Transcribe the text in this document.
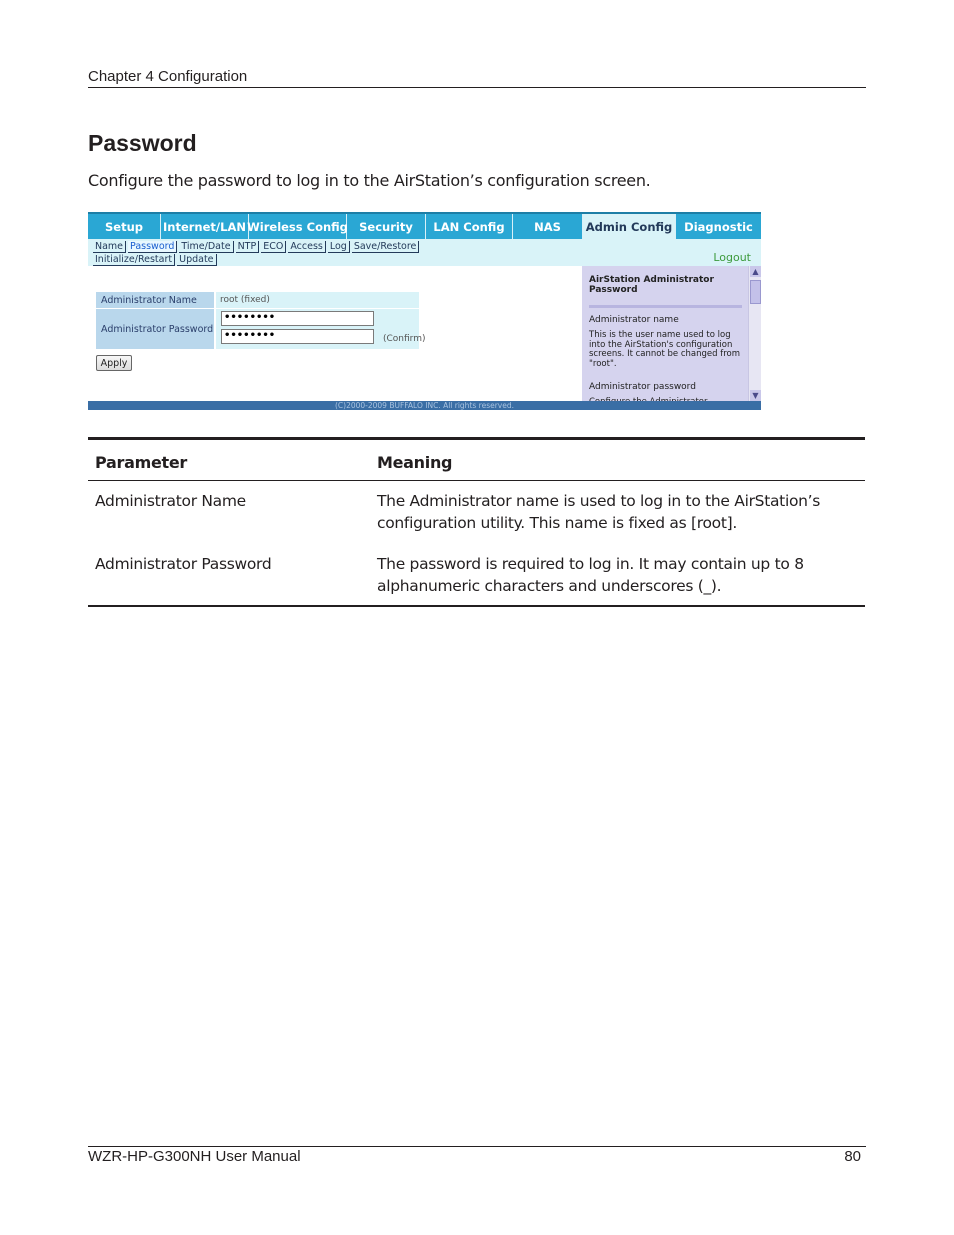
Chapter 4 Configuration
Password
Configure the password to log in to the AirStation’s configuration screen.
Setup	Internet/LAN Wireless Config Security	LAN Config	NAS	Admin Config	Diagnostic
Name Password Time/Date NTP ECO Access Log Save/Restore
Initialize/Restart Update	Logout
Administrator Name	root (fixed)
Administrator Password
••••••••
••••••••	(Confirm)
Apply
AirStation Administrator Password
Administrator name
This is the user name used to log into the AirStation's configuration screens. It cannot be changed from "root".
Administrator password
▲
▼
(C)2000-2009 BUFFALO INC. All rights reserved.
Parameter	Meaning
Administrator Name	The Administrator name is used to log in to the AirStation’s
configuration utility. This name is fixed as [root].
Administrator Password	The password is required to log in. It may contain up to 8
alphanumeric characters and underscores (_).
WZR-HP-G300NH User Manual	80
